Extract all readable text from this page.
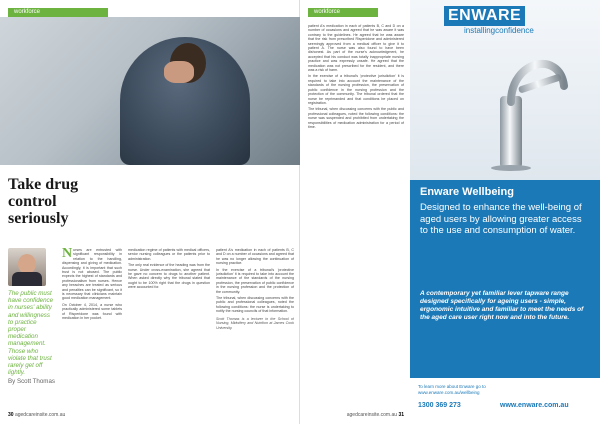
workforce
Take drug control seriously
The public must have confidence in nurses' ability and willingness to practice proper medication management. Those who violate that trust rarely get off lightly.
By Scott Thomas

Nurses are entrusted with significant responsibility in relation to the handling, dispensing and giving of medication. Accordingly, it is important that such trust is not abused. The public expects the highest of standards and professionalism from nurses. Hence any breaches are treated as serious and penalties can be significant, so it is necessary that clinicians maintain good medication management.

On October 4, 2014, a nurse who practically administered some tablets of Risperidone was found with medication in her pocket.

medication regime of patients with medical officers, senior nursing colleagues or the patients prior to administration.

The only real evidence of the heading was from the nurse. Under cross-examination, she agreed that he gave no concern to drugs to another patient. When asked directly why the tribunal stated that ought to be 100% right that the drugs in question were accounted for.

patient A's medication in each of patients B, C and D on a number of occasions and agreed that he was no longer allowing the continuation of nursing practice.

In the exercise of a tribunal's 'protective jurisdiction' it is required to take into account the maintenance of the standards of the nursing profession, the preservation of public confidence in the nursing profession and the protection of the community.

The tribunal, when discussing concerns with the public and professional colleagues, noted the following conditions: the nurse is undertaking to notify the nursing councils of that information.

Scott Thomas is a lecturer in the School of Nursing, Midwifery and Nutrition at James Cook University.

30 agedcareinsite.com.au
workforce

patient A's medication in each of patients B, C and D on a number of occasions and agreed that he was aware it was contrary to the guidelines. He agreed that he was aware that the risk from prescribed Risperidone and administered seemingly approved from a medical officer to give it to patient A. The nurse was also found to have been dishonest. As part of the nurse's acknowledgment, he accepted that his conduct was totally inappropriate nursing practice and was expressly unsafe. He agreed that the medication was not prescribed for the resident, and there was a risk of harm.

In the exercise of a tribunal's 'protective jurisdiction' it is required to take into account the maintenance of the standards of the nursing profession, the preservation of public confidence in the nursing profession and the protection of the community. The tribunal ordered that the nurse be reprimanded and that conditions be placed on registration.

The tribunal, when discussing concerns with the public and professional colleagues, noted the following conditions: the nurse was suspended and prohibited from undertaking the responsibilities of medication administration for a period of time.

ENWARE
installingconfidence
Enware Wellbeing
Designed to enhance the well-being of aged users by allowing greater access to the use and consumption of water.
A contemporary yet familiar lever tapware range designed specifically for ageing users - simple, ergonomic intuitive and familiar to meet the needs of the aged care user right now and into the future.
To learn more about Enware go to www.enware.com.au/wellbeing
1300 369 273	www.enware.com.au
agedcareinsite.com.au 31
